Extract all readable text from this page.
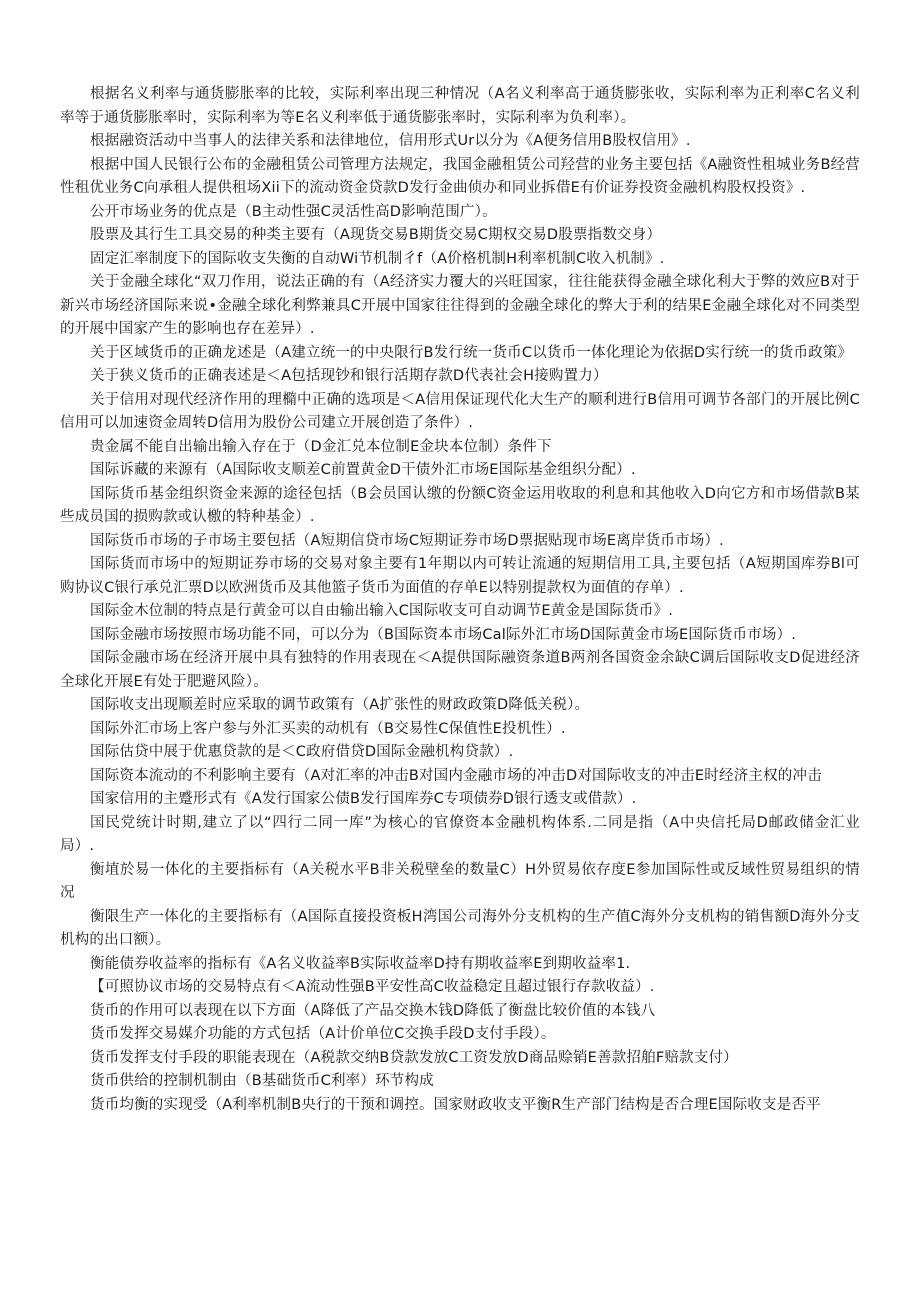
根据名义利率与通货膨胀率的比较，实际利率出现三种情况（A名义利率高于通货膨张收，实际利率为正利率C名义利率等于通货膨胀率时，实际利率为等E名义利率低于通货膨张率时，实际利率为负利率）。

根据融资活动中当事人的法律关系和法律地位，信用形式Ur以分为《A便务信用B股权信用》.

根据中国人民银行公布的金融租赁公司管理方法规定，我国金融租赁公司羟营的业务主要包括《A融资性租城业务B经营性租优业务C向承租人提供租场Xii下的流动资金贷款D发行金曲侦办和同业拆借E有价证券投资金融机构股权投资》.

公开市场业务的优点是（B主动性强C灵活性高D影响范围广）。

股票及其行生工具交易的种类主要有（A现货交易B期货交易C期权交易D股票指数交身）

固定汇率制度下的国际收支失衡的自动Wi节机制彳f（A价格机制H利率机制C收入机制》.

关于金融全球化“双刀作用，说法正确的有（A经济实力覆大的兴旺国家，往往能获得金融全球化利大于弊的效应B对于新兴市场经济国际来说•金融全球化利弊兼具C开展中国家往往得到的金融全球化的弊大于利的结果E金融全球化对不同类型的开展中国家产生的影响也存在差异）.

关于区域货币的正确龙述是（A建立统一的中央限行B发行统一货币C以货币一体化理论为依据D实行统一的货币政策》

关于狭义货币的正确表述是＜A包括现钞和银行活期存款D代表社会H接购置力）

关于信用对现代经济作用的理橢中正确的选项是＜A信用保证现代化大生产的顺利进行B信用可调节各部门的开展比例C信用可以加速资金周转D信用为股份公司建立开展创造了条件）.

贵金属不能自出输出输入存在于（D金汇兑本位制E金块本位制）条件下

国际诉藏的来源有（A国际收支顺差C前置黄金D干债外汇市场E国际基金组织分配）.

国际货币基金组织资金来源的途径包括（B会员国认缴的份额C资金运用收取的利息和其他收入D向它方和市场借款B某些成员国的损购款或认檄的特种基金）.

国际货币市场的子市场主要包括（A短期信贷市场C短期证券市场D票据贴现市场E离岸货币市场）.

国际货而市场中的短期证券市场的交易对象主要有1年期以内可转让流通的短期信用工具,主要包括（A短期国库券Bl可购协议C银行承兑汇票D以欧洲货币及其他篮子货币为面值的存单E以特别提款权为面值的存单）.

国际金木位制的特点是行黄金可以自由输出输入C国际收支可自动调节E黄金是国际货币》.

国际金融市场按照市场功能不同，可以分为（B国际资本市场Cal际外汇市场D国际黄金市场E国际货币市场）.

国际金融市场在经济开展中具有独特的作用表现在＜A提供国际融资条道B两剂各国资金余缺C调后国际收支D促进经济全球化开展E有处于肥避风险）。

国际收支出现顺差时应采取的调节政策有（A扩张性的财政政策D降低关税）。

国际外汇市场上客户参与外汇买卖的动机有（B交易性C保值性E投机性）.

国际估贷中展于优惠贷款的是＜C政府借贷D国际金融机构贷款）.

国际资本流动的不利影响主要有（A对汇率的冲击B对国内金融市场的冲击D对国际收支的冲击E时经济主权的冲击

国家信用的主蹙形式有《A发行国家公债B发行国库券C专项债券D银行透支或借款）.

国民党统计时期,建立了以“四行二同一库”为核心的官僚资本金融机构体系.二同是指（A中央信托局D邮政储金汇业局）.

衡埴於易一体化的主要指标有（A关税水平B非关税壁垒的数量C）H外贸易依存度E参加国际性或反域性贸易组织的情况

衡限生产一体化的主要指标有（A国际直接投资板H湾国公司海外分支机构的生产值C海外分支机构的销售额D海外分支机构的出口额）。

衡能债券收益率的指标有《A名义收益率B实际收益率D持有期收益率E到期收益率1.

【可照协议市场的交易特点有＜A流动性强B平安性高C收益稳定且超过银行存款收益）.

货币的作用可以表现在以下方面（A降低了产品交换木钱D降低了衡盘比较价值的本钱八

货币发挥交易媒介功能的方式包括（A计价单位C交换手段D支付手段）。

货币发挥支付手段的职能表现在（A税款交纳B贷款发放C工资发放D商品赊销E善款招舶F赔款支付）

货币供给的控制机制由（B基础货币C利率）环节构成

货币均衡的实现受（A利率机制B央行的干预和调控。国家财政收支平衡R生产部门结构是否合理E国际收支是否平
